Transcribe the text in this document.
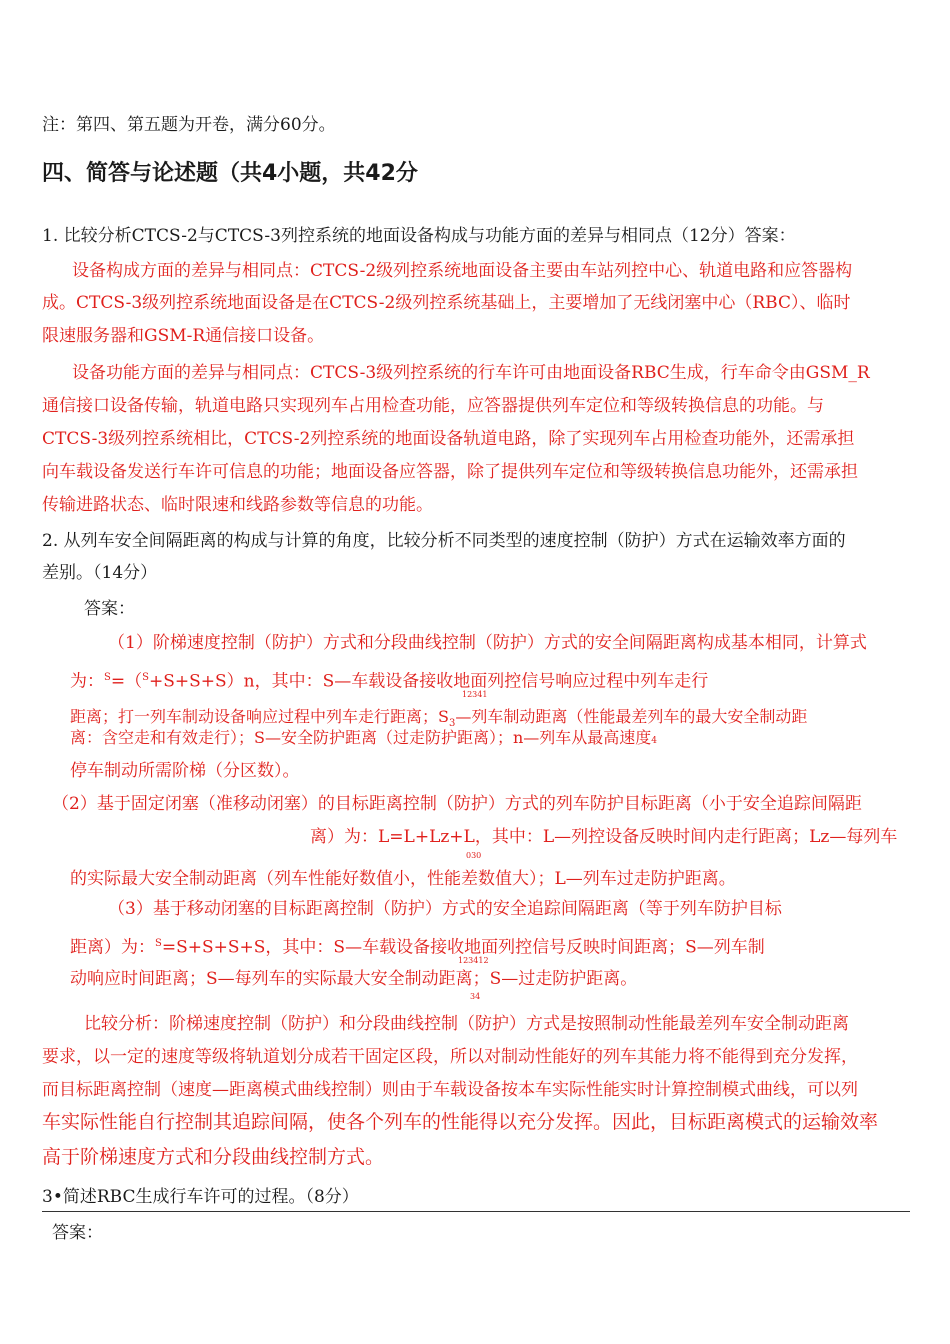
注：第四、第五题为开卷，满分60分。
四、简答与论述题（共4小题，共42分
1. 比较分析CTCS-2与CTCS-3列控系统的地面设备构成与功能方面的差异与相同点（12分）答案：
设备构成方面的差异与相同点：CTCS-2级列控系统地面设备主要由车站列控中心、轨道电路和应答器构
成。CTCS-3级列控系统地面设备是在CTCS-2级列控系统基础上，主要增加了无线闭塞中心（RBC）、临时
限速服务器和GSM-R通信接口设备。
设备功能方面的差异与相同点：CTCS-3级列控系统的行车许可由地面设备RBC生成，行车命令由GSM_R
通信接口设备传输，轨道电路只实现列车占用检查功能，应答器提供列车定位和等级转换信息的功能。与
CTCS-3级列控系统相比，CTCS-2列控系统的地面设备轨道电路，除了实现列车占用检查功能外，还需承担
向车载设备发送行车许可信息的功能；地面设备应答器，除了提供列车定位和等级转换信息功能外，还需承担
传输进路状态、临时限速和线路参数等信息的功能。
2. 从列车安全间隔距离的构成与计算的角度，比较分析不同类型的速度控制（防护）方式在运输效率方面的
差别。（14分）
答案：
（1）阶梯速度控制（防护）方式和分段曲线控制（防护）方式的安全间隔距离构成基本相同，计算式
为：$^S$=（$^S$+S+S+S）n，其中：S—车载设备接收地面列控信号响应过程中列车走行
12341
距离；打一列车制动设备响应过程中列车走行距离；$S_3—$列车制动距离（性能最差列车的最大安全制动距
离：含空走和有效走行）；S—安全防护距离（过走防护距离）；n—列车从最高速度4
停车制动所需阶梯（分区数）。
（2）基于固定闭塞（准移动闭塞）的目标距离控制（防护）方式的列车防护目标距离（小于安全追踪间隔距
离）为：L=L+Lz+L，其中：L—列控设备反映时间内走行距离；Lz—每列车
030
的实际最大安全制动距离（列车性能好数值小，性能差数值大）；L—列车过走防护距离。
（3）基于移动闭塞的目标距离控制（防护）方式的安全追踪间隔距离（等于列车防护目标
距离）为：$^S$=S+S+S+S，其中：S—车载设备接收地面列控信号反映时间距离；S—列车制
123412
动响应时间距离；S—每列车的实际最大安全制动距离；S—过走防护距离。
34
比较分析：阶梯速度控制（防护）和分段曲线控制（防护）方式是按照制动性能最差列车安全制动距离
要求，以一定的速度等级将轨道划分成若干固定区段，所以对制动性能好的列车其能力将不能得到充分发挥，
而目标距离控制（速度—距离模式曲线控制）则由于车载设备按本车实际性能实时计算控制模式曲线，可以列
车实际性能自行控制其追踪间隔，使各个列车的性能得以充分发挥。因此，目标距离模式的运输效率
高于阶梯速度方式和分段曲线控制方式。
3•简述RBC生成行车许可的过程。（8分）
答案：
